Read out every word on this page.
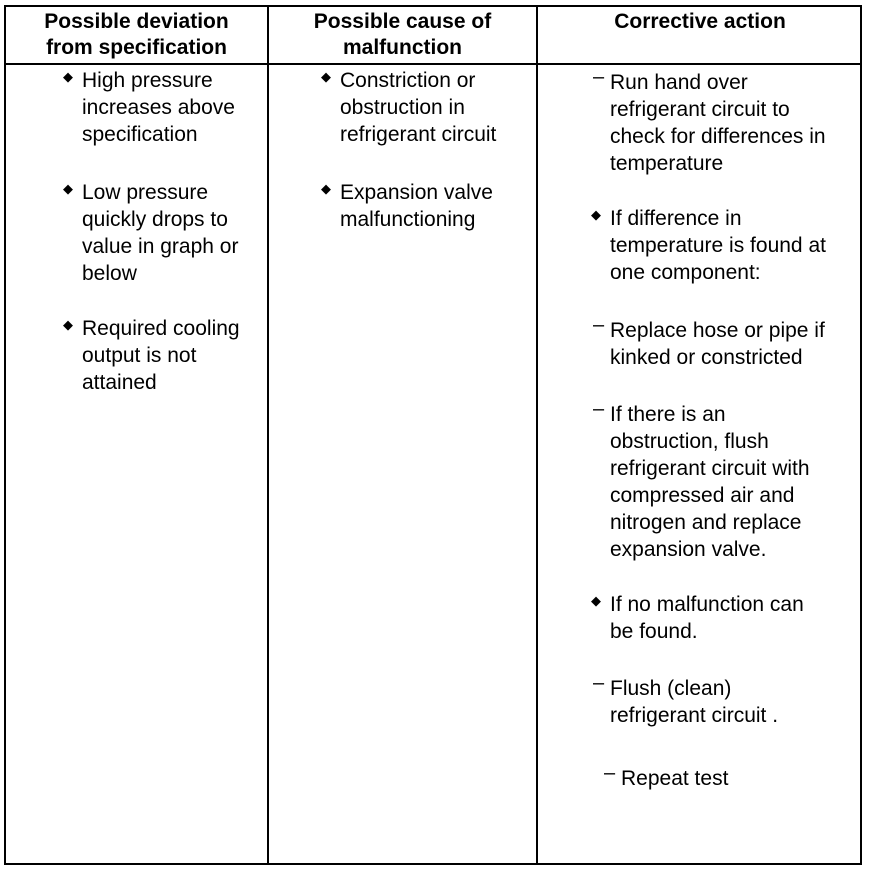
Possible deviation
from specification
Possible cause of
malfunction
Corrective action
◆ High pressure
increases above
specification
◆ Low pressure
quickly drops to
value in graph or
below
◆ Required cooling
output is not
attained
◆ Constriction or
obstruction in
refrigerant circuit
◆ Expansion valve
malfunctioning
– Run hand over
refrigerant circuit to
check for differences in
temperature
◆ If difference in
temperature is found at
one component:
– Replace hose or pipe if
kinked or constricted
– If there is an
obstruction, flush
refrigerant circuit with
compressed air and
nitrogen and replace
expansion valve.
◆ If no malfunction can
be found.
– Flush (clean)
refrigerant circuit .
– Repeat test
